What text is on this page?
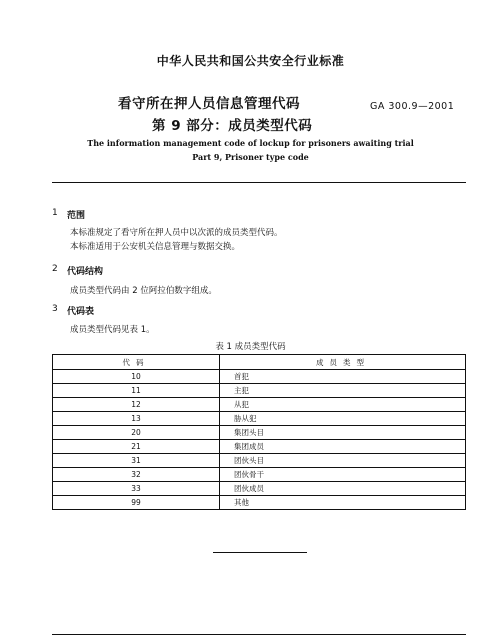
中华人民共和国公共安全行业标准
看守所在押人员信息管理代码
第 9 部分：成员类型代码
GA 300.9—2001
The information management code of lockup for prisoners awaiting trial
Part 9, Prisoner type code
1 范围
本标准规定了看守所在押人员中以次派的成员类型代码。
本标准适用于公安机关信息管理与数据交换。
2 代码结构
成员类型代码由 2 位阿拉伯数字组成。
3 代码表
成员类型代码见表 1。
表 1 成员类型代码
代码	成员类型
10	首犯
11	主犯
12	从犯
13	胁从犯
20	集团头目
21	集团成员
31	团伙头目
32	团伙骨干
33	团伙成员
99	其他
